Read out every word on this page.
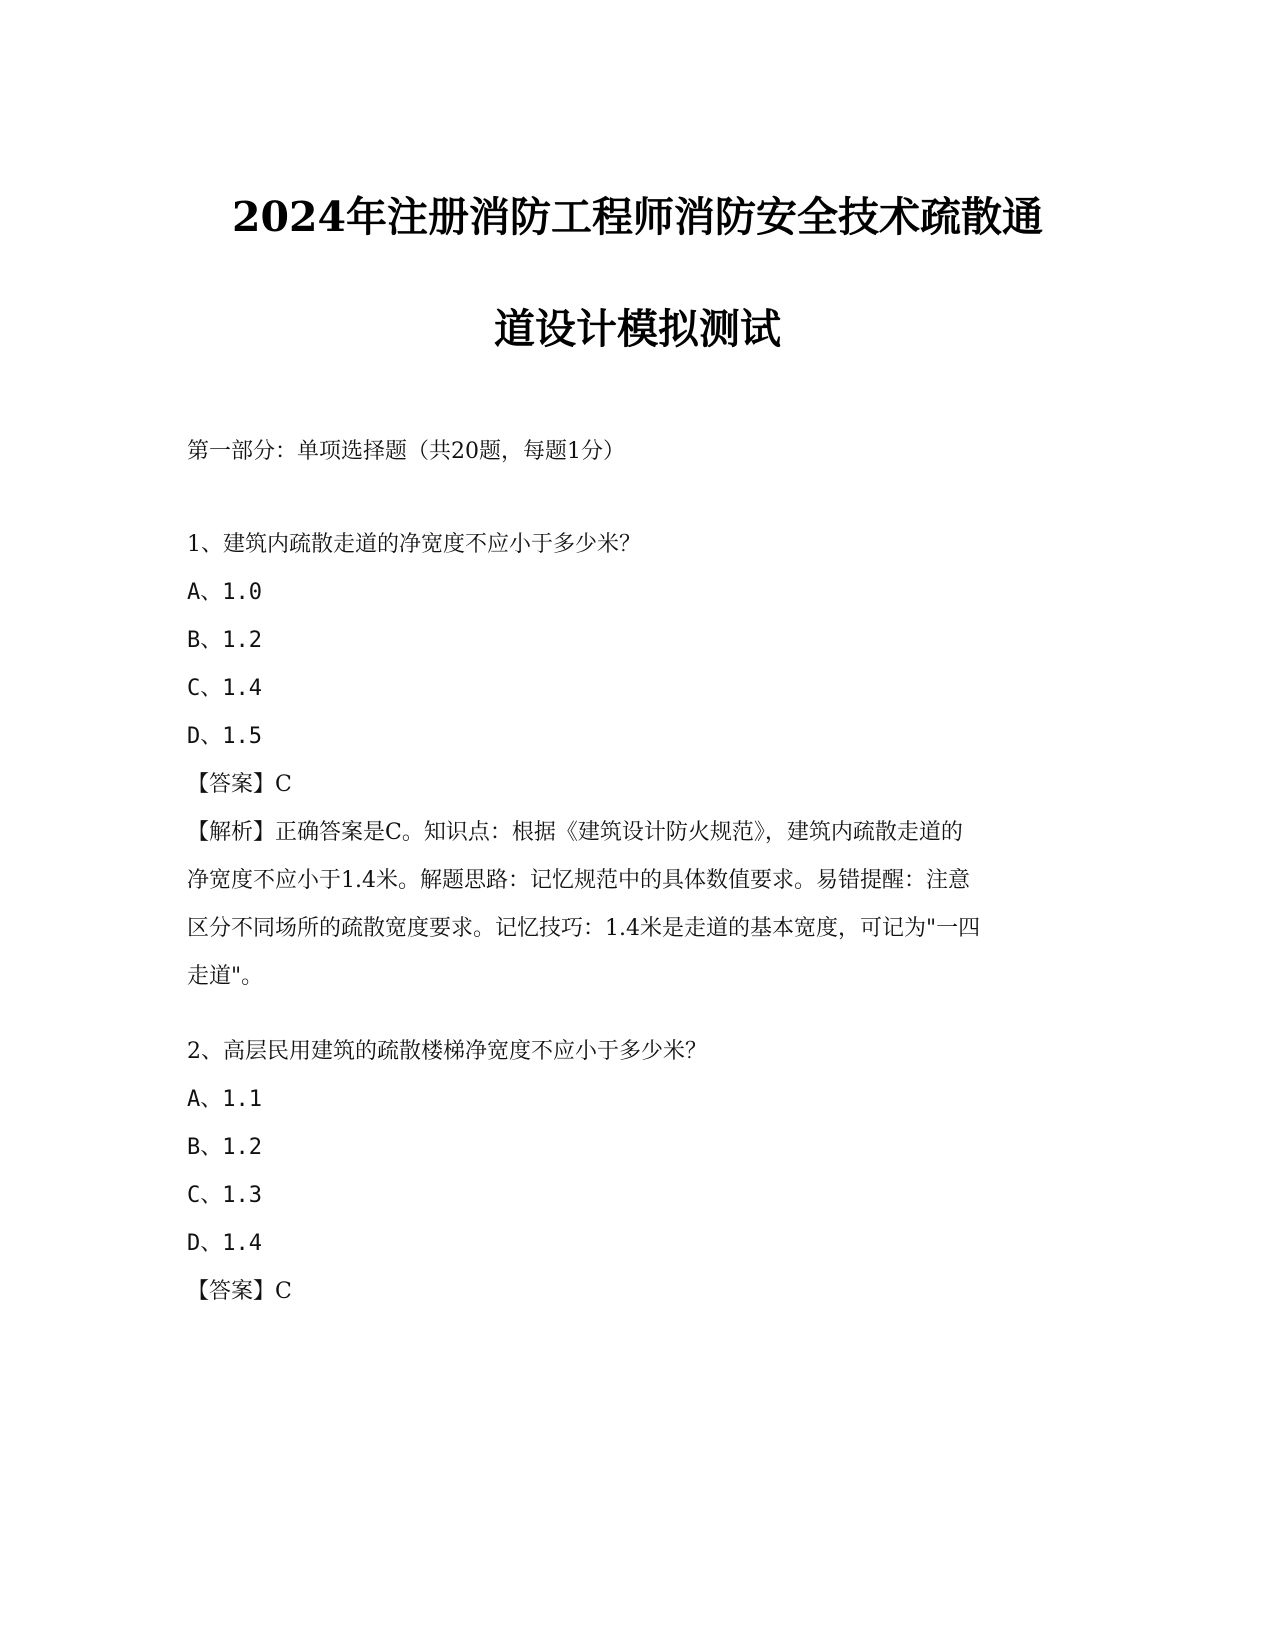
2024年注册消防工程师消防安全技术疏散通
道设计模拟测试
第一部分：单项选择题（共20题，每题1分）
1、建筑内疏散走道的净宽度不应小于多少米？
A、1.0
B、1.2
C、1.4
D、1.5
【答案】C
【解析】正确答案是C。知识点：根据《建筑设计防火规范》，建筑内疏散走道的
净宽度不应小于1.4米。解题思路：记忆规范中的具体数值要求。易错提醒：注意
区分不同场所的疏散宽度要求。记忆技巧：1.4米是走道的基本宽度，可记为"一四
走道"。
2、高层民用建筑的疏散楼梯净宽度不应小于多少米？
A、1.1
B、1.2
C、1.3
D、1.4
【答案】C
